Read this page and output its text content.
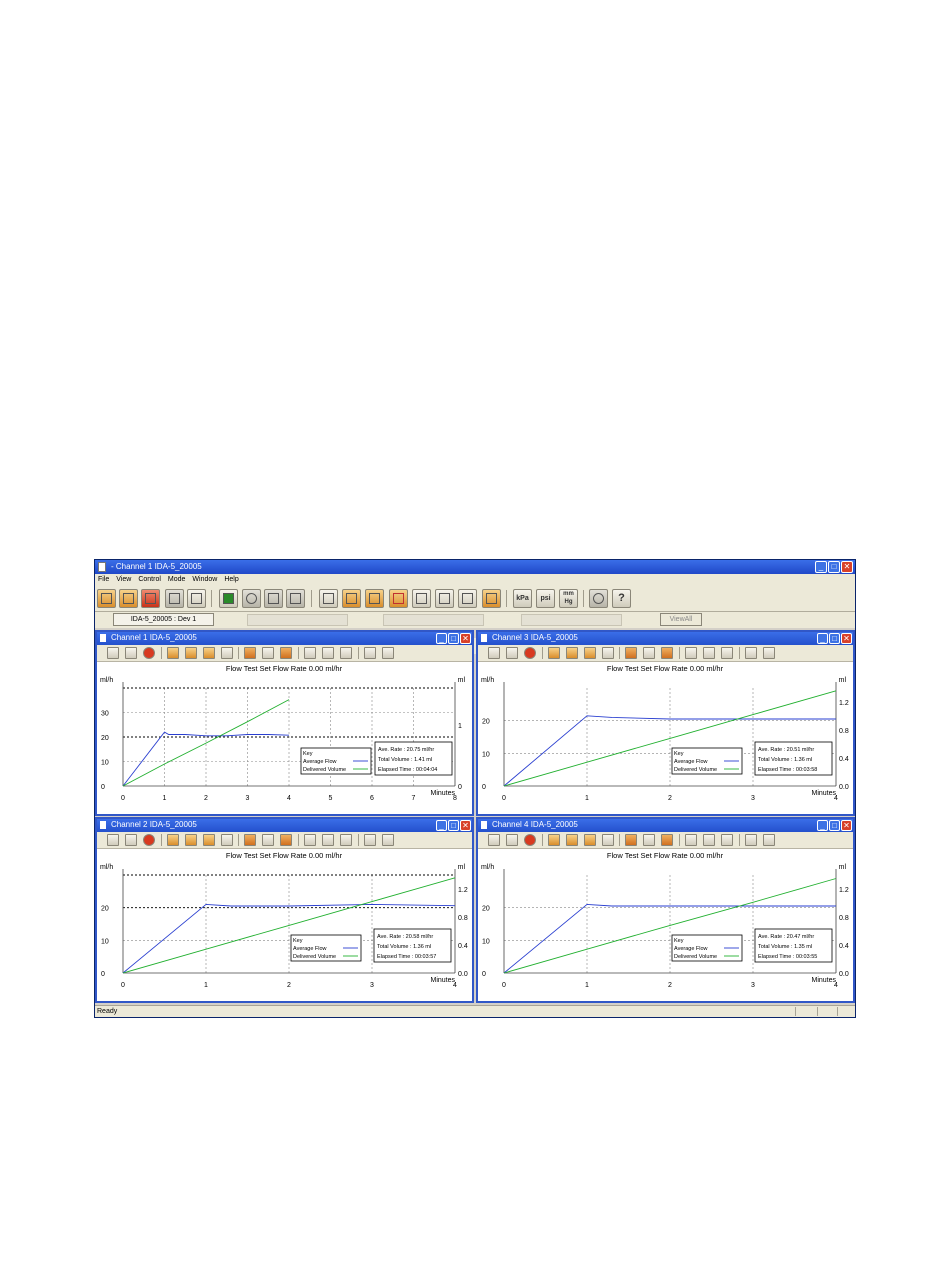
- Channel 1 IDA-5_20005	_	□ ✕
File View Control Mode Window Help
kPa	psi
mm Hg	?
IDA-5_20005 : Dev 1	ViewAll
Channel 1 IDA-5_20005	_ □ ✕
Flow Test Set Flow Rate 0.00 ml/hr
ml/h	ml
Minutes
0	1	2	3	4	5	6	7	8
0
10
20
30
0
1
Key
Average Flow
Delivered Volume
Ave. Rate : 20.75 ml/hr
Total Volume : 1.41 ml
Elapsed Time : 00:04:04
Channel 3 IDA-5_20005	_ □ ✕
Flow Test Set Flow Rate 0.00 ml/hr
ml/h	ml
Minutes
0	1	2	3	4
0
10
20
0.0
0.4
0.8
1.2
Key
Average Flow
Delivered Volume
Ave. Rate : 20.51 ml/hr
Total Volume : 1.36 ml
Elapsed Time : 00:03:58
Channel 2 IDA-5_20005	_ □ ✕
Flow Test Set Flow Rate 0.00 ml/hr
ml/h	ml
Minutes
0	1	2	3	4
0
10
20
0.0
0.4
0.8
1.2
Key
Average Flow
Delivered Volume
Ave. Rate : 20.58 ml/hr
Total Volume : 1.36 ml
Elapsed Time : 00:03:57
Channel 4 IDA-5_20005	_ □ ✕
Flow Test Set Flow Rate 0.00 ml/hr
ml/h	ml
Minutes
0	1	2	3	4
0
10
20
0.0
0.4
0.8
1.2
Key
Average Flow
Delivered Volume
Ave. Rate : 20.47 ml/hr
Total Volume : 1.35 ml
Elapsed Time : 00:03:55
Ready
